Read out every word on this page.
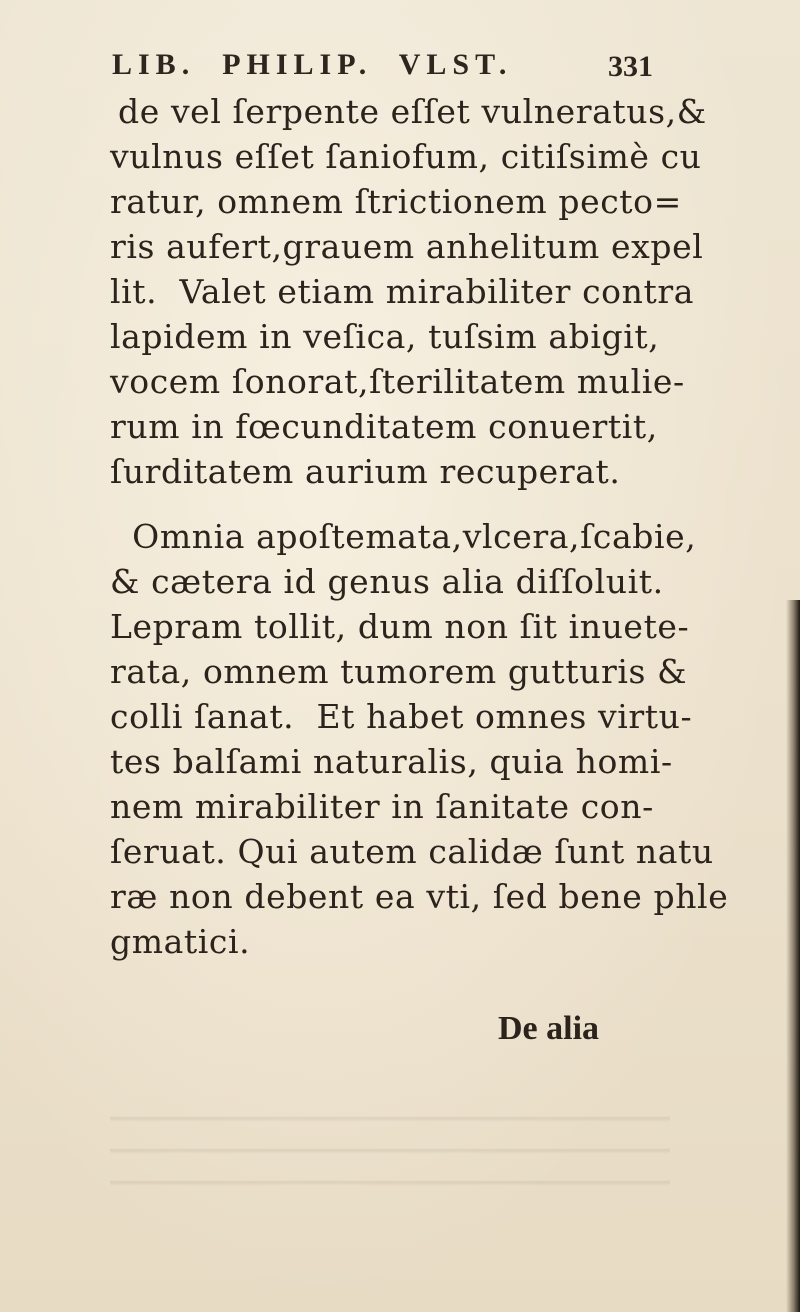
LIB.  PHILIP.  VLST.	331
de vel ſerpente eſſet vulneratus,&
vulnus eſſet ſaniofum, citiſsimè cu
ratur, omnem ſtrictionem pecto=
ris aufert,grauem anhelitum expel
lit.  Valet etiam mirabiliter contra
lapidem in veſica, tuſsim abigit,
vocem ſonorat,ſterilitatem mulie-
rum in fœcunditatem conuertit,
ſurditatem aurium recuperat.
Omnia apoſtemata,vlcera,ſcabie,
& cætera id genus alia diſſoluit.
Lepram tollit, dum non ſit inuete-
rata, omnem tumorem gutturis &
colli ſanat.  Et habet omnes virtu-
tes balſami naturalis, quia homi-
nem mirabiliter in ſanitate con-
ſeruat. Qui autem calidæ ſunt natu
ræ non debent ea vti, ſed bene phle
gmatici.
De alia
